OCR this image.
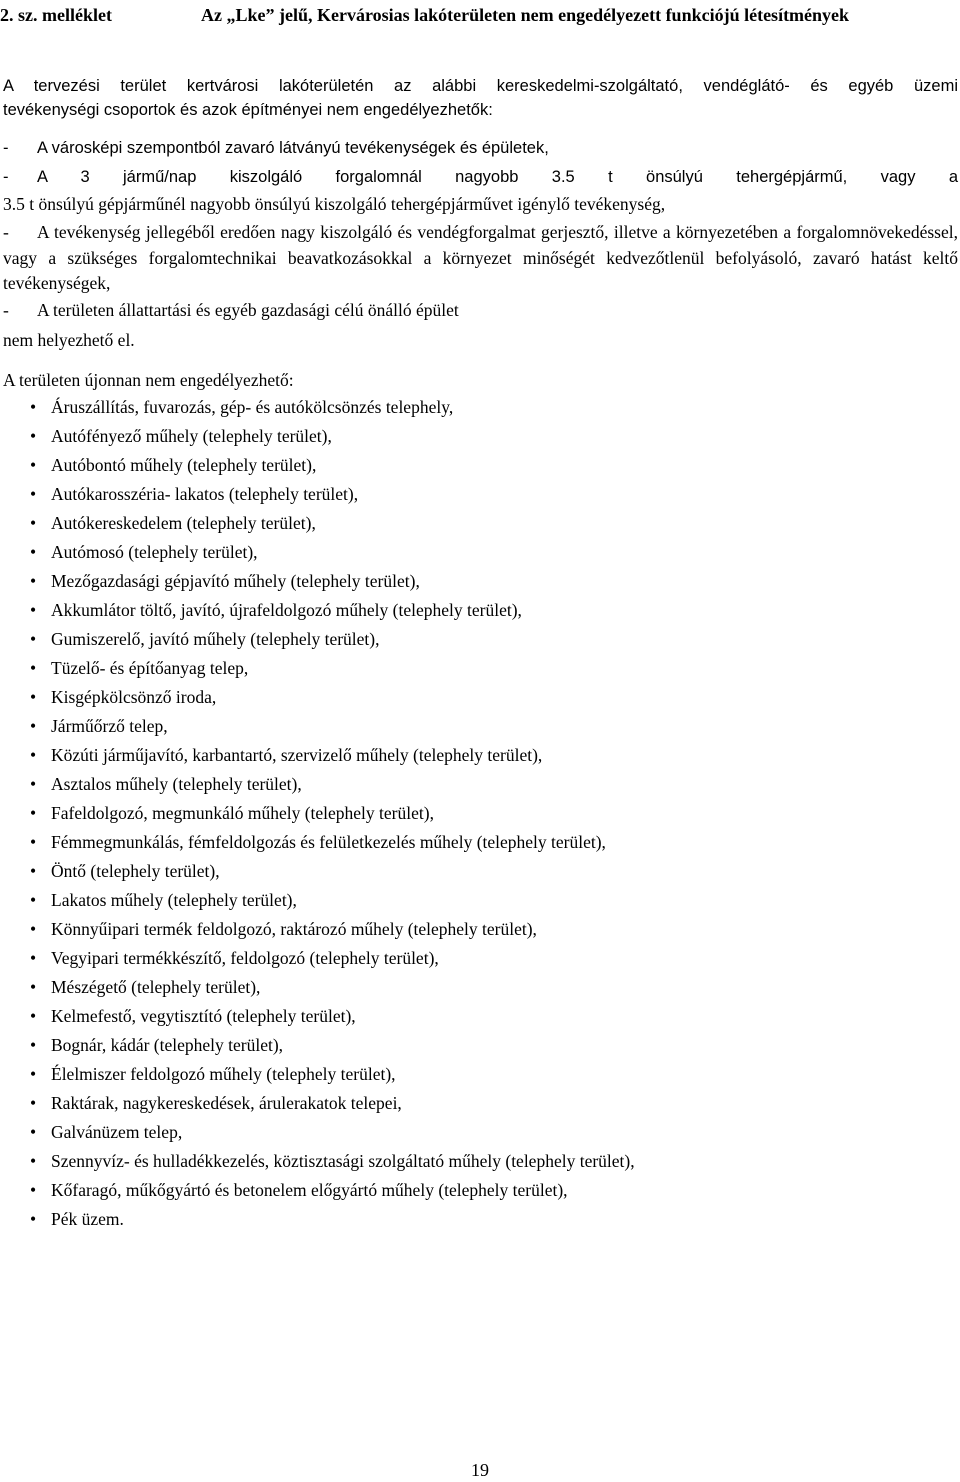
2. sz. melléklet	Az „Lke” jelű, Kervárosias lakóterületen nem engedélyezett funkciójú létesítmények
A tervezési terület kertvárosi lakóterületén az alábbi kereskedelmi-szolgáltató, vendéglátó- és egyéb üzemi
tevékenységi csoportok és azok építményei nem engedélyezhetők:
- A városképi szempontból zavaró látványú tevékenységek és épületek,
- A 3 jármű/nap kiszolgáló forgalomnál nagyobb 3.5 t önsúlyú tehergépjármű, vagy a
3.5 t önsúlyú gépjárműnél nagyobb önsúlyú kiszolgáló tehergépjárművet igénylő tevékenység,
-	A tevékenység jellegéből eredően nagy kiszolgáló és vendégforgalmat gerjesztő, illetve a környezetében a forgalomnövekedéssel, vagy a szükséges forgalomtechnikai beavatkozásokkal a környezet minőségét kedvezőtlenül befolyásoló, zavaró hatást keltő tevékenységek,
- A területen állattartási és egyéb gazdasági célú önálló épület
nem helyezhető el.
A területen újonnan nem engedélyezhető:
• Áruszállítás, fuvarozás, gép- és autókölcsönzés telephely,
• Autófényező műhely (telephely terület),
• Autóbontó műhely (telephely terület),
• Autókarosszéria- lakatos (telephely terület),
• Autókereskedelem (telephely terület),
• Autómosó (telephely terület),
• Mezőgazdasági gépjavító műhely (telephely terület),
• Akkumlátor töltő, javító, újrafeldolgozó műhely (telephely terület),
• Gumiszerelő, javító műhely (telephely terület),
• Tüzelő- és építőanyag telep,
• Kisgépkölcsönző iroda,
• Járműőrző telep,
• Közúti járműjavító, karbantartó, szervizelő műhely (telephely terület),
• Asztalos műhely (telephely terület),
• Fafeldolgozó, megmunkáló műhely (telephely terület),
• Fémmegmunkálás, fémfeldolgozás és felületkezelés műhely (telephely terület),
• Öntő (telephely terület),
• Lakatos műhely (telephely terület),
• Könnyűipari termék feldolgozó, raktározó műhely (telephely terület),
• Vegyipari termékkészítő, feldolgozó (telephely terület),
• Mészégető (telephely terület),
• Kelmefestő, vegytisztító (telephely terület),
• Bognár, kádár (telephely terület),
• Élelmiszer feldolgozó műhely (telephely terület),
• Raktárak, nagykereskedések, árulerakatok telepei,
• Galvánüzem telep,
• Szennyvíz- és hulladékkezelés, köztisztasági szolgáltató műhely (telephely terület),
• Kőfaragó, műkőgyártó és betonelem előgyártó műhely (telephely terület),
• Pék üzem.
19
